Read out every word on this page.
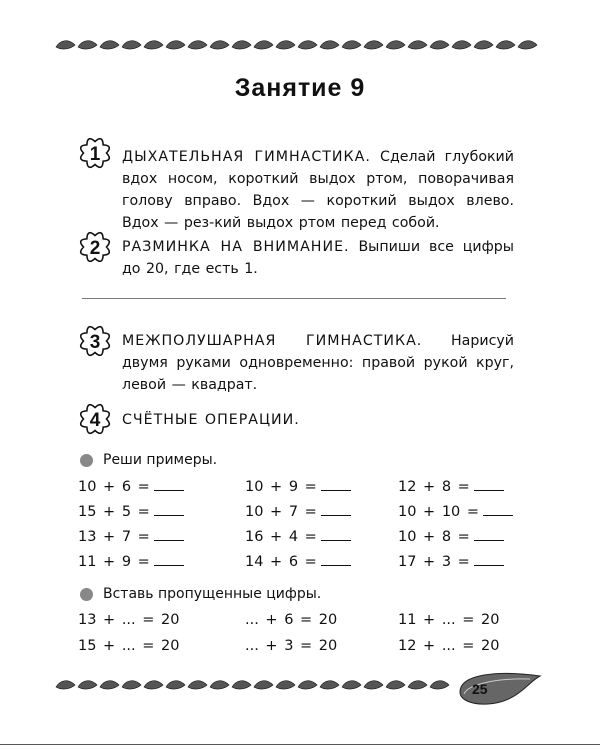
Занятие 9
1 ДЫХАТЕЛЬНАЯ ГИМНАСТИКА. Сделай глубокий вдох носом, короткий выдох ртом, поворачивая голову вправо. Вдох — короткий выдох влево. Вдох — рез-кий выдох ртом перед собой.
2 РАЗМИНКА НА ВНИМАНИЕ. Выпиши все цифры до 20, где есть 1.
3 МЕЖПОЛУШАРНАЯ ГИМНАСТИКА. Нарисуй двумя руками одновременно: правой рукой круг, левой — квадрат.
4 СЧЁТНЫЕ ОПЕРАЦИИ.
Реши примеры.
10 + 6 =	10 + 9 =	12 + 8 =
15 + 5 =	10 + 7 =	10 + 10 =
13 + 7 =	16 + 4 =	10 + 8 =
11 + 9 =	14 + 6 =	17 + 3 =
Вставь пропущенные цифры.
13 + ... = 20	... + 6 = 20	11 + ... = 20
15 + ... = 20	... + 3 = 20	12 + ... = 20
25
